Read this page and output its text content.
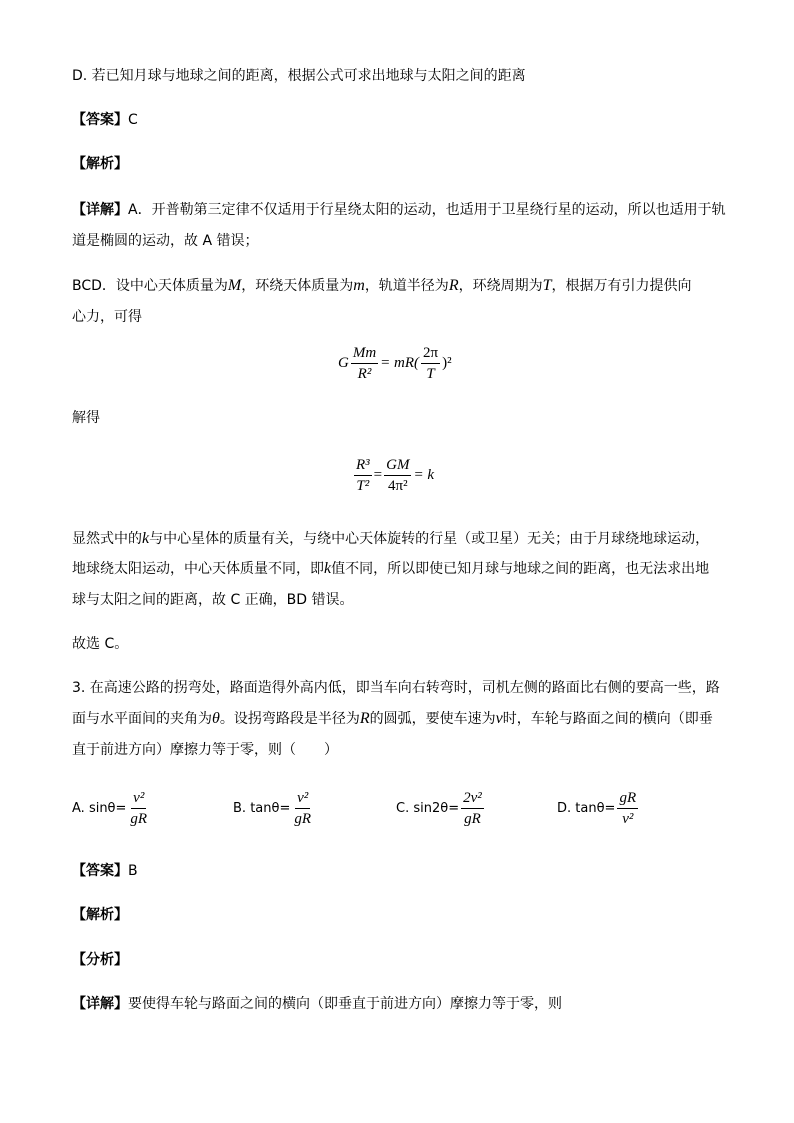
D. 若已知月球与地球之间的距离，根据公式可求出地球与太阳之间的距离
【答案】C
【解析】
【详解】A．开普勒第三定律不仅适用于行星绕太阳的运动，也适用于卫星绕行星的运动，所以也适用于轨
道是椭圆的运动，故 A 错误；
BCD．设中心天体质量为M，环绕天体质量为m，轨道半径为R，环绕周期为T，根据万有引力提供向
心力，可得
G $\frac{Mm}{\text{R²}} = mR( \frac{2\pi}{T} )^2$
解得
$\frac{\text{R³}}{\text{T²}} = \frac{GM}{\text{4π²}} = k$
显然式中的k与中心星体的质量有关，与绕中心天体旋转的行星（或卫星）无关；由于月球绕地球运动，
地球绕太阳运动，中心天体质量不同，即k值不同，所以即使已知月球与地球之间的距离，也无法求出地
球与太阳之间的距离，故 C 正确，BD 错误。
故选 C。
3. 在高速公路的拐弯处，路面造得外高内低，即当车向右转弯时，司机左侧的路面比右侧的要高一些，路
面与水平面间的夹角为θ。设拐弯路段是半径为R的圆弧，要使车速为v时，车轮与路面之间的横向（即垂
直于前进方向）摩擦力等于零，则（　　）
A.
$\sin\theta= \frac{\text{v²}}{gR}$	B.
$\tan\theta= \frac{\text{v²}}{gR}$	C.
$\sin 2\theta= \frac{\text{2v²}}{gR}$	D.
$\tan\theta= \frac{gR}{\text{v²}}$
【答案】B
【解析】
【分析】
【详解】要使得车轮与路面之间的横向（即垂直于前进方向）摩擦力等于零，则
